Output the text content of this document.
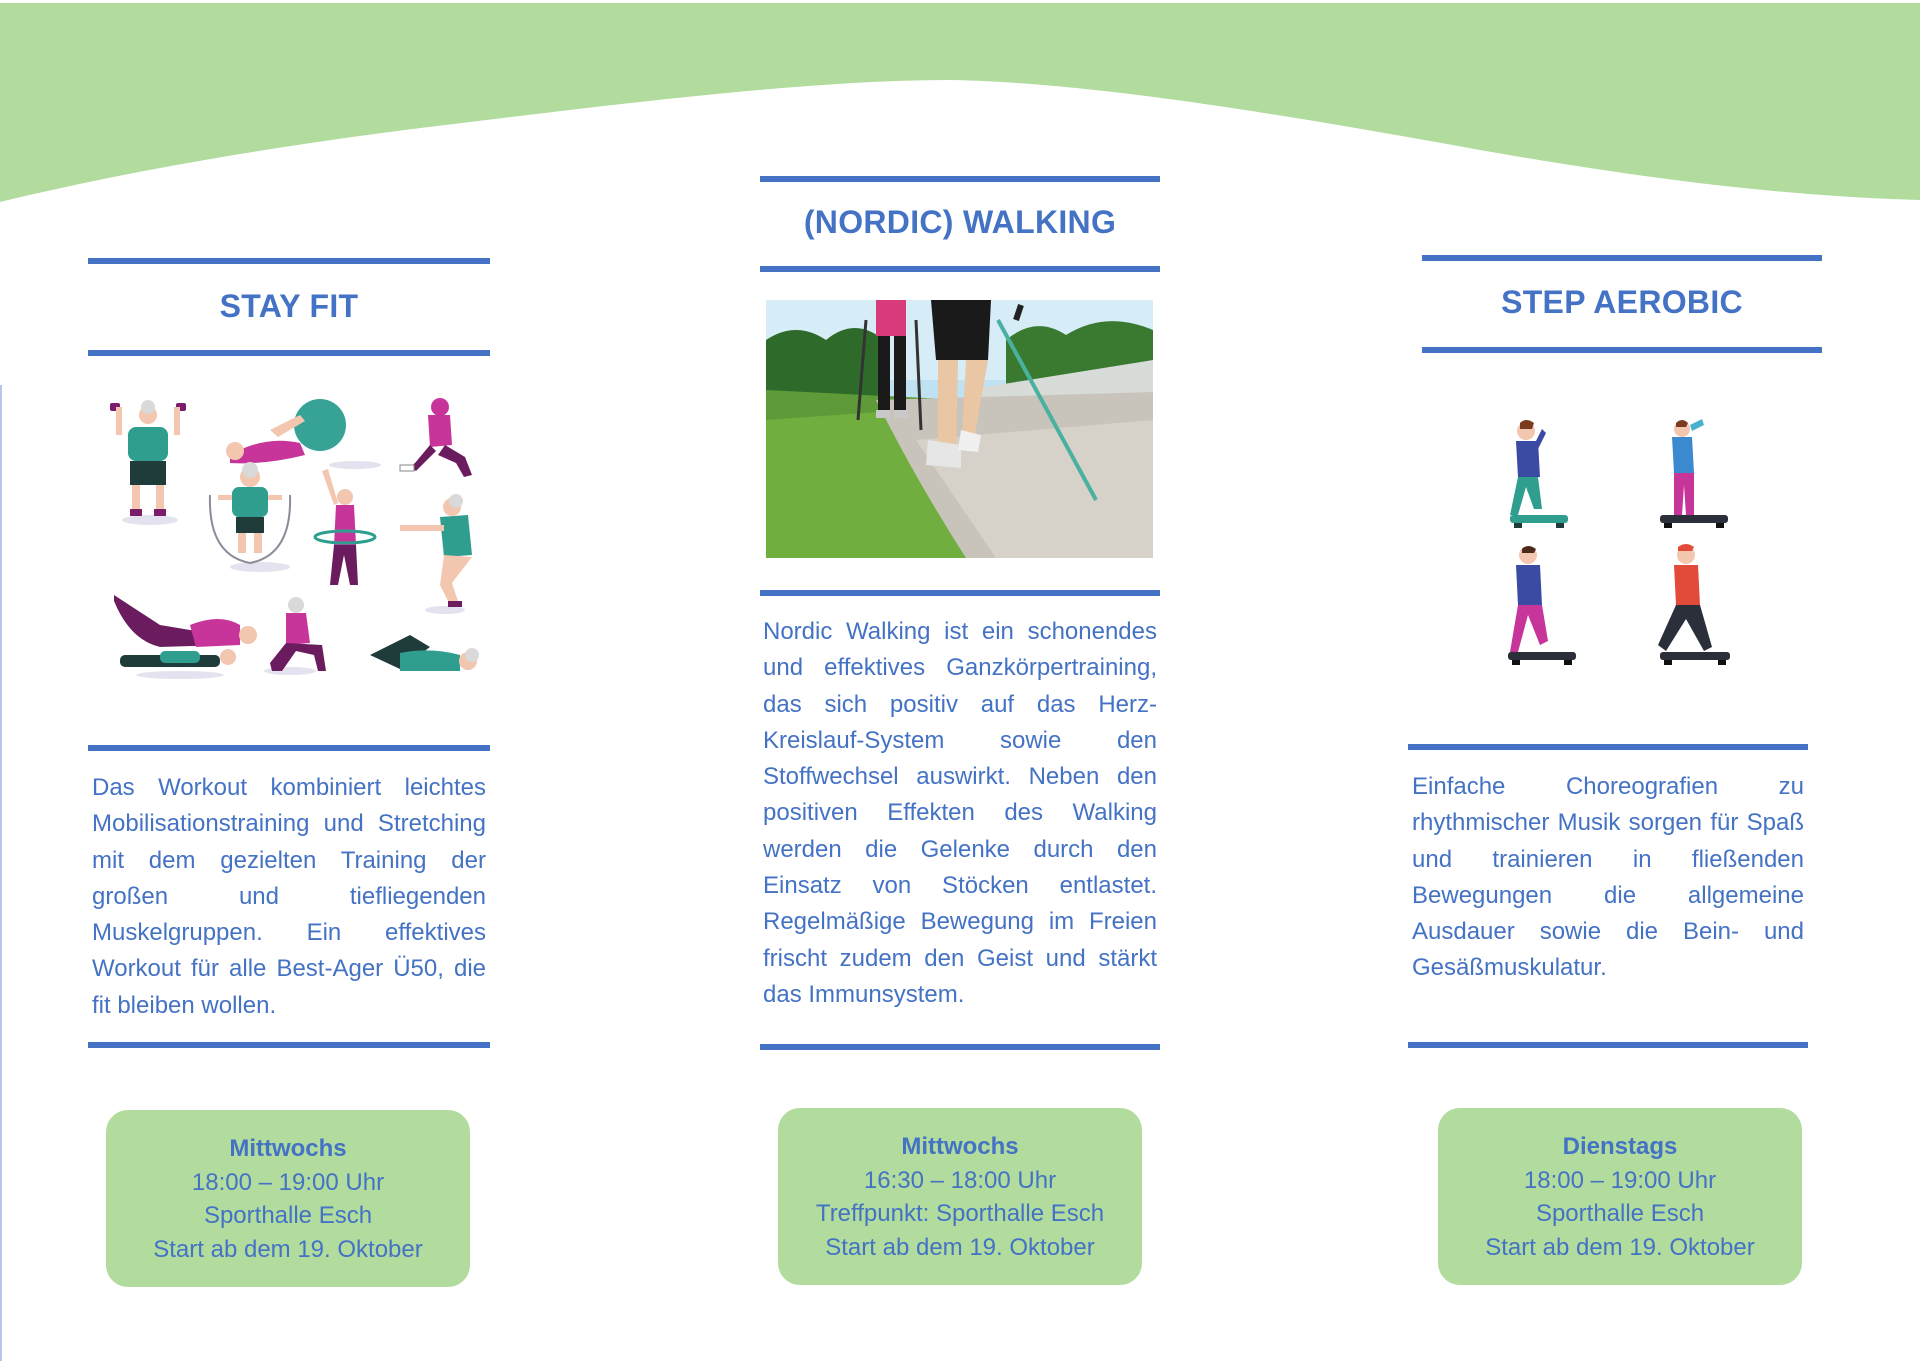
STAY FIT
Das Workout kombiniert leichtes Mobilisationstraining und Stretching mit dem gezielten Training der großen und tiefliegenden Muskelgruppen. Ein effektives Workout für alle Best-Ager Ü50, die fit bleiben wollen.
Mittwochs
18:00 – 19:00 Uhr
Sporthalle Esch
Start ab dem 19. Oktober
(NORDIC) WALKING
Nordic Walking ist ein schonendes und effektives Ganzkörpertraining, das sich positiv auf das Herz-Kreislauf-System sowie den Stoffwechsel auswirkt. Neben den positiven Effekten des Walking werden die Gelenke durch den Einsatz von Stöcken entlastet. Regelmäßige Bewegung im Freien frischt zudem den Geist und stärkt das Immunsystem.
Mittwochs
16:30 – 18:00 Uhr
Treffpunkt: Sporthalle Esch
Start ab dem 19. Oktober
STEP AEROBIC
Einfache Choreografien zu rhythmischer Musik sorgen für Spaß und trainieren in fließenden Bewegungen die allgemeine Ausdauer sowie die Bein- und Gesäßmuskulatur.
Dienstags
18:00 – 19:00 Uhr
Sporthalle Esch
Start ab dem 19. Oktober
